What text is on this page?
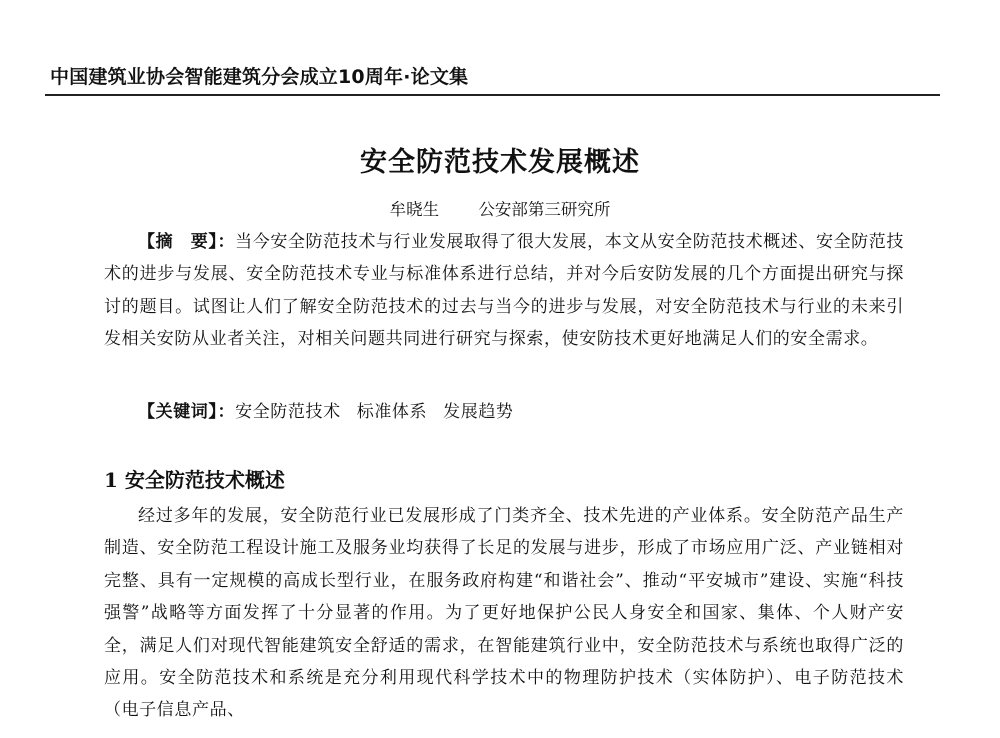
中国建筑业协会智能建筑分会成立10周年·论文集
安全防范技术发展概述
牟晓生 公安部第三研究所

【摘　要】：当今安全防范技术与行业发展取得了很大发展，本文从安全防范技术概述、安全防范技术的进步与发展、安全防范技术专业与标准体系进行总结，并对今后安防发展的几个方面提出研究与探讨的题目。试图让人们了解安全防范技术的过去与当今的进步与发展，对安全防范技术与行业的未来引发相关安防从业者关注，对相关问题共同进行研究与探索，使安防技术更好地满足人们的安全需求。

【关键词】：安全防范技术 标准体系 发展趋势

1 安全防范技术概述

经过多年的发展，安全防范行业已发展形成了门类齐全、技术先进的产业体系。安全防范产品生产制造、安全防范工程设计施工及服务业均获得了长足的发展与进步，形成了市场应用广泛、产业链相对完整、具有一定规模的高成长型行业，在服务政府构建“和谐社会”、推动“平安城市”建设、实施“科技强警”战略等方面发挥了十分显著的作用。为了更好地保护公民人身安全和国家、集体、个人财产安全，满足人们对现代智能建筑安全舒适的需求，在智能建筑行业中，安全防范技术与系统也取得广泛的应用。安全防范技术和系统是充分利用现代科学技术中的物理防护技术（实体防护）、电子防范技术（电子信息产品、
